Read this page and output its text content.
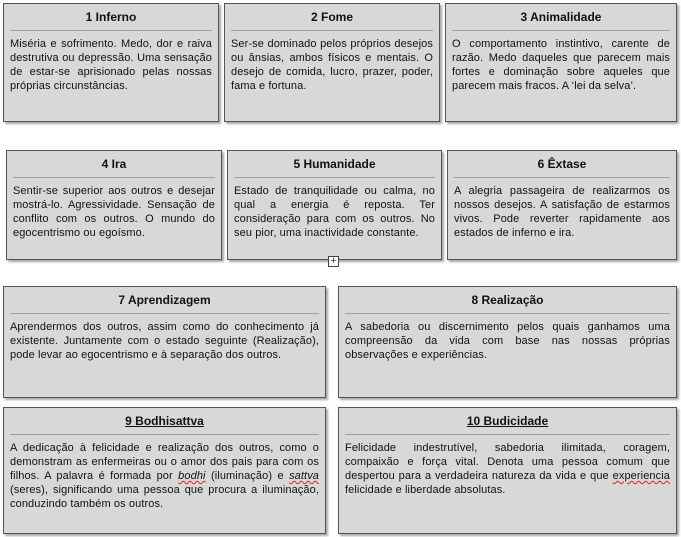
1 Inferno
Miséria e sofrimento. Medo, dor e raiva destrutiva ou depressão. Uma sensação de estar-se aprisionado pelas nossas próprias circunstâncias.
2 Fome
Ser-se dominado pelos próprios desejos ou ânsias, ambos físicos e mentais. O desejo de comida, lucro, prazer, poder, fama e fortuna.
3 Animalidade
O comportamento instintivo, carente de razão. Medo daqueles que parecem mais fortes e dominação sobre aqueles que parecem mais fracos. A ‘lei da selva’.
4 Ira
Sentir-se superior aos outros e desejar mostrá-lo. Agressividade. Sensação de conflito com os outros. O mundo do egocentrismo ou egoísmo.
5 Humanidade
Estado de tranquilidade ou calma, no qual a energia é reposta. Ter consideração para com os outros. No seu pior, uma inactividade constante.
6 Êxtase
A alegria passageira de realizarmos os nossos desejos. A satisfação de estarmos vivos. Pode reverter rapidamente aos estados de inferno e ira.
+
7 Aprendizagem
Aprendermos dos outros, assim como do conhecimento já existente. Juntamente com o estado seguinte (Realização), pode levar ao egocentrismo e à separação dos outros.
8 Realização
A sabedoria ou discernimento pelos quais ganhamos uma compreensão da vida com base nas nossas próprias observações e experiências.
9 Bodhisattva
A dedicação à felicidade e realização dos outros, como o demonstram as enfermeiras ou o amor dos pais para com os filhos. A palavra é formada por bodhi (iluminação) e sattva (seres), significando uma pessoa que procura a iluminação, conduzindo também os outros.
10 Budicidade
Felicidade indestrutível, sabedoria ilimitada, coragem, compaixão e força vital. Denota uma pessoa comum que despertou para a verdadeira natureza da vida e que experiencia felicidade e liberdade absolutas.
